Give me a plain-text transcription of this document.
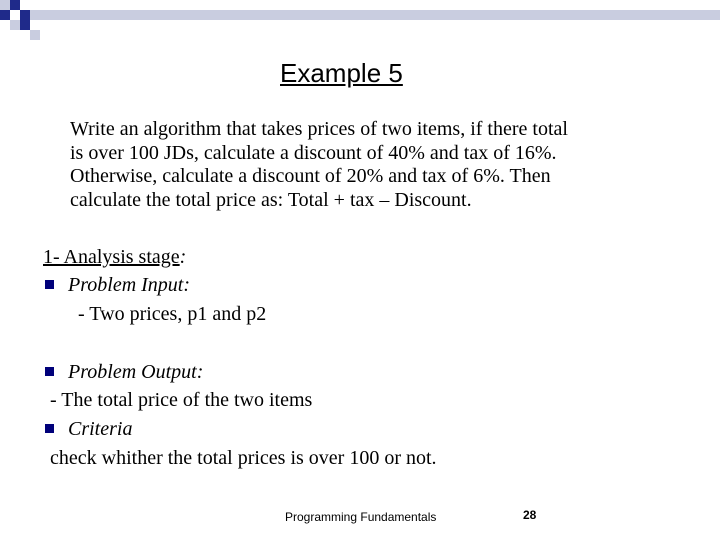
Example 5
Write an algorithm that takes prices of two items, if there total
is over 100 JDs, calculate a discount of 40% and tax of 16%.
Otherwise, calculate a discount of 20% and tax of 6%. Then
calculate the total price as: Total + tax – Discount.
1- Analysis stage:
Problem Input:
- Two prices, p1 and p2
Problem Output:
- The total price of the two items
Criteria
check whither the total prices is over 100 or not.
Programming Fundamentals	28
